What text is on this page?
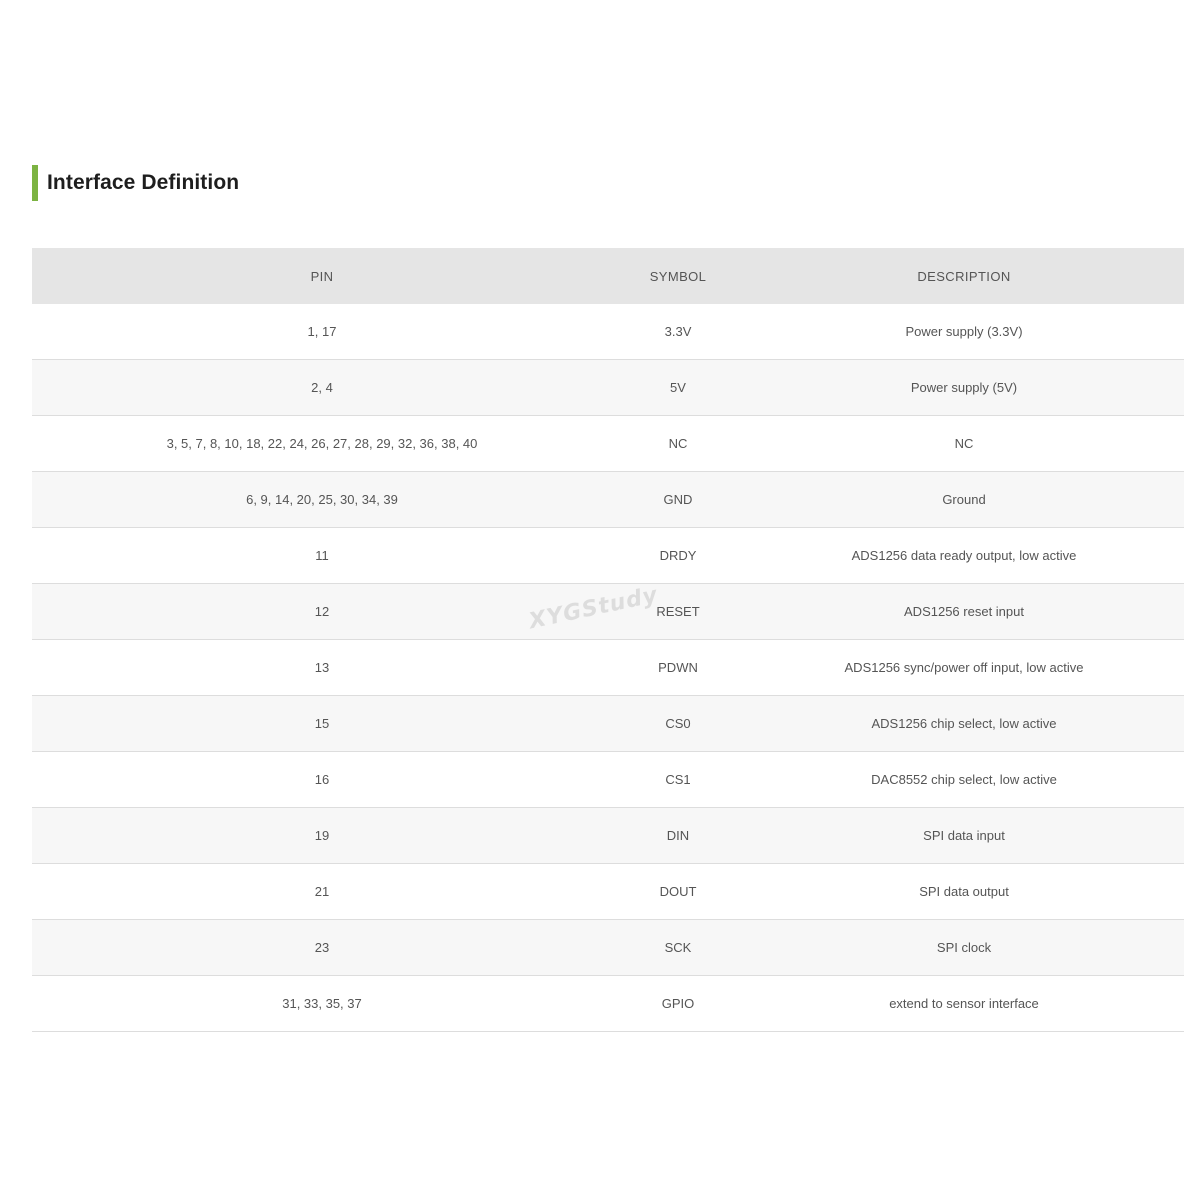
Interface Definition
PIN	SYMBOL	DESCRIPTION
1, 17	3.3V	Power supply (3.3V)
2, 4	5V	Power supply (5V)
3, 5, 7, 8, 10, 18, 22, 24, 26, 27, 28, 29, 32, 36, 38, 40	NC	NC
6, 9, 14, 20, 25, 30, 34, 39	GND	Ground
11	DRDY	ADS1256 data ready output, low active
12	RESET	ADS1256 reset input
13	PDWN	ADS1256 sync/power off input, low active
15	CS0	ADS1256 chip select, low active
16	CS1	DAC8552 chip select, low active
19	DIN	SPI data input
21	DOUT	SPI data output
23	SCK	SPI clock
31, 33, 35, 37	GPIO	extend to sensor interface
XYGStudy
